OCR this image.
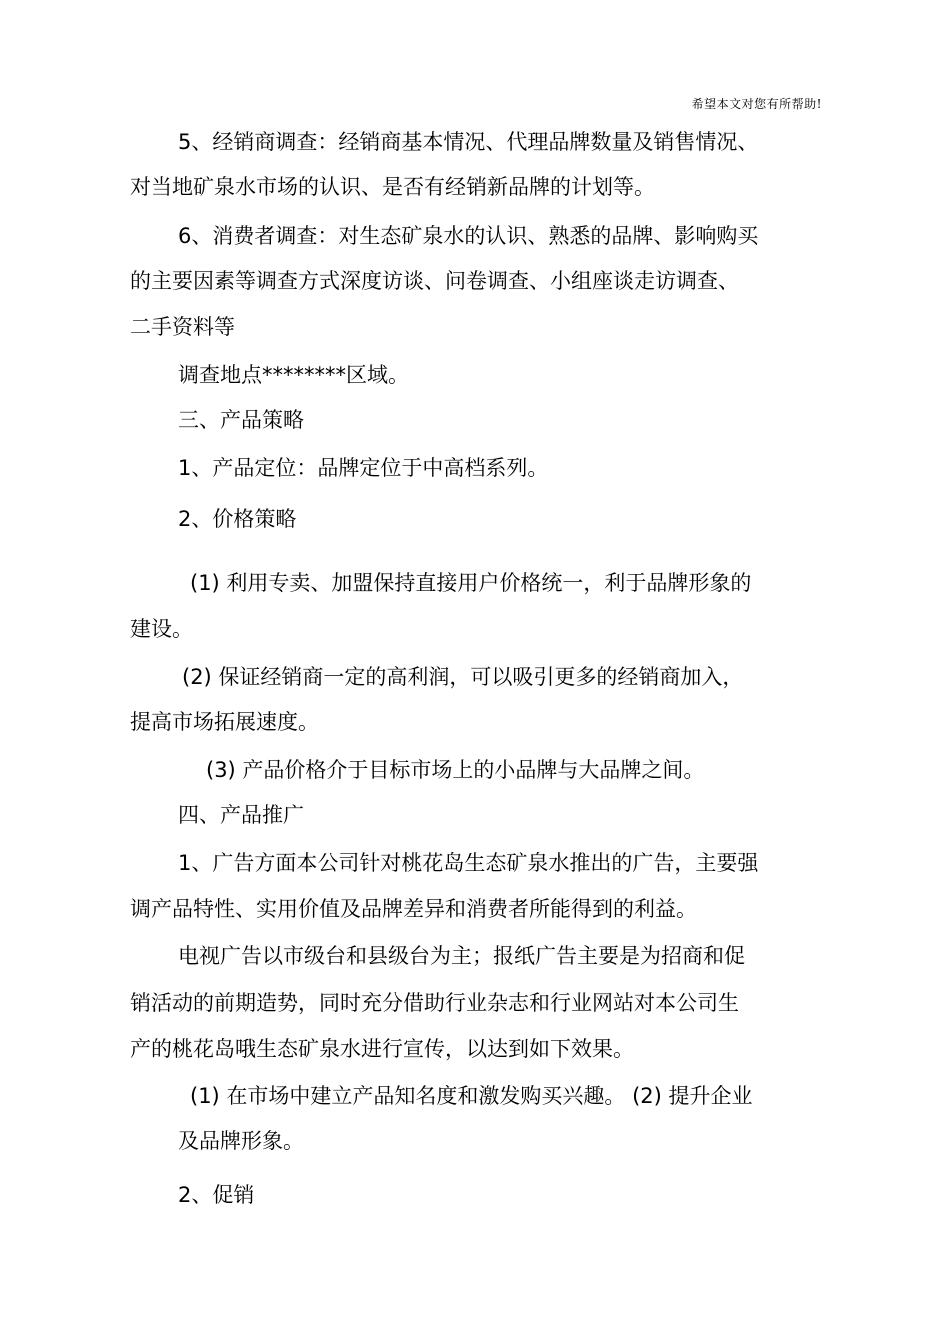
希望本文对您有所帮助!
5、经销商调查：经销商基本情况、代理品牌数量及销售情况、
对当地矿泉水市场的认识、是否有经销新品牌的计划等。
6、消费者调查：对生态矿泉水的认识、熟悉的品牌、影响购买
的主要因素等调查方式深度访谈、问卷调查、小组座谈走访调查、
二手资料等
调查地点********区域。
三、产品策略
1、产品定位：品牌定位于中高档系列。
2、价格策略
(1) 利用专卖、加盟保持直接用户价格统一，利于品牌形象的
建设。
(2) 保证经销商一定的高利润，可以吸引更多的经销商加入，
提高市场拓展速度。
(3) 产品价格介于目标市场上的小品牌与大品牌之间。
四、产品推广
1、广告方面本公司针对桃花岛生态矿泉水推出的广告，主要强
调产品特性、实用价值及品牌差异和消费者所能得到的利益。
电视广告以市级台和县级台为主；报纸广告主要是为招商和促
销活动的前期造势，同时充分借助行业杂志和行业网站对本公司生
产的桃花岛哦生态矿泉水进行宣传，以达到如下效果。
(1) 在市场中建立产品知名度和激发购买兴趣。 (2) 提升企业
及品牌形象。
2、促销
